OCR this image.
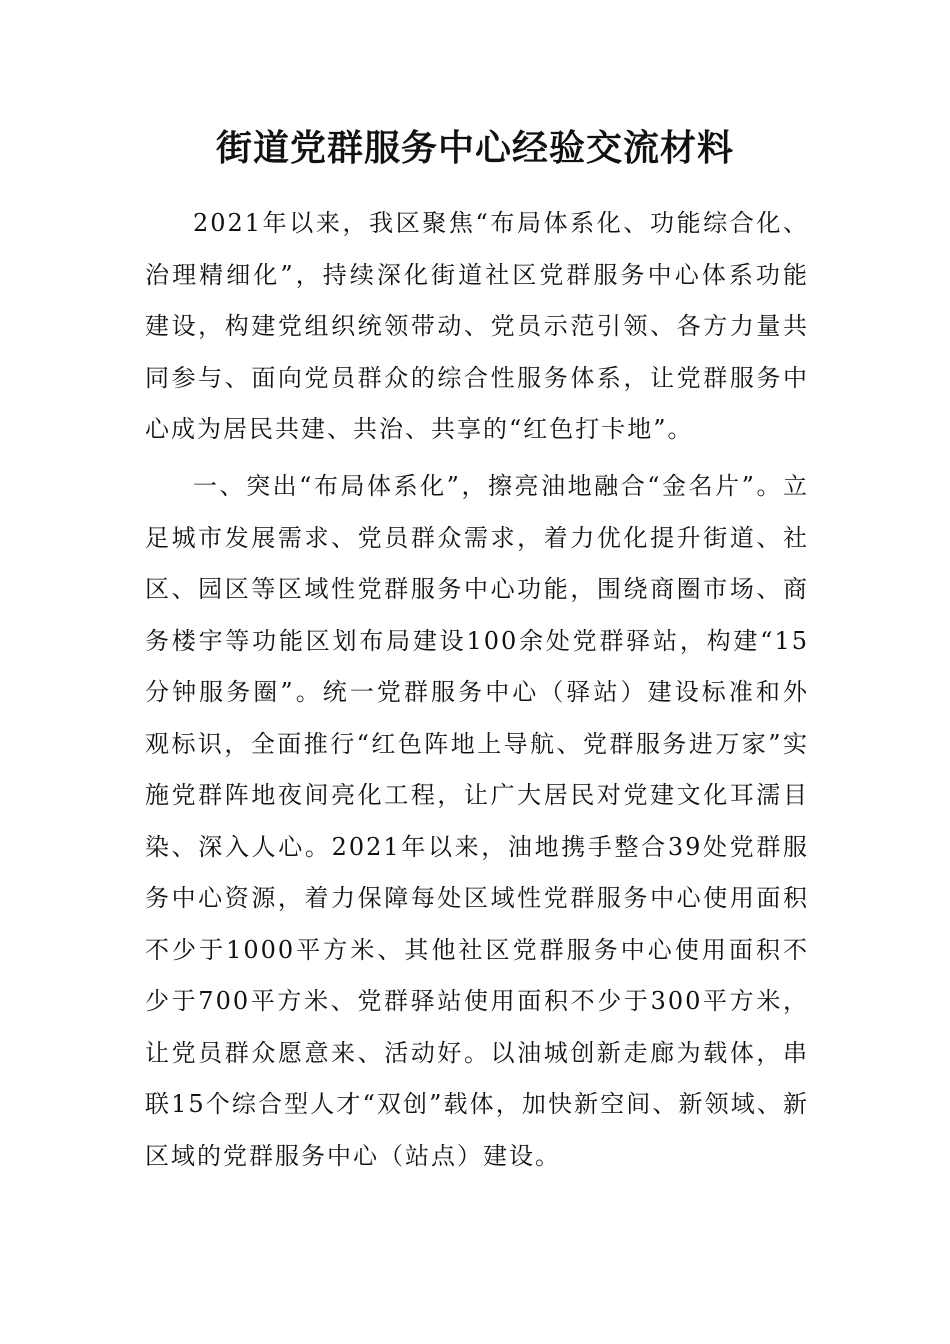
街道党群服务中心经验交流材料

2021年以来，我区聚焦“布局体系化、功能综合化、治理精细化”，持续深化街道社区党群服务中心体系功能建设，构建党组织统领带动、党员示范引领、各方力量共同参与、面向党员群众的综合性服务体系，让党群服务中心成为居民共建、共治、共享的“红色打卡地”。

一、突出“布局体系化”，擦亮油地融合“金名片”。立足城市发展需求、党员群众需求，着力优化提升街道、社区、园区等区域性党群服务中心功能，围绕商圈市场、商务楼宇等功能区划布局建设100余处党群驿站，构建“15分钟服务圈”。统一党群服务中心（驿站）建设标准和外观标识，全面推行“红色阵地上导航、党群服务进万家”实施党群阵地夜间亮化工程，让广大居民对党建文化耳濡目染、深入人心。2021年以来，油地携手整合39处党群服务中心资源，着力保障每处区域性党群服务中心使用面积不少于1000平方米、其他社区党群服务中心使用面积不少于700平方米、党群驿站使用面积不少于300平方米，让党员群众愿意来、活动好。以油城创新走廊为载体，串联15个综合型人才“双创”载体，加快新空间、新领域、新区域的党群服务中心（站点）建设。
